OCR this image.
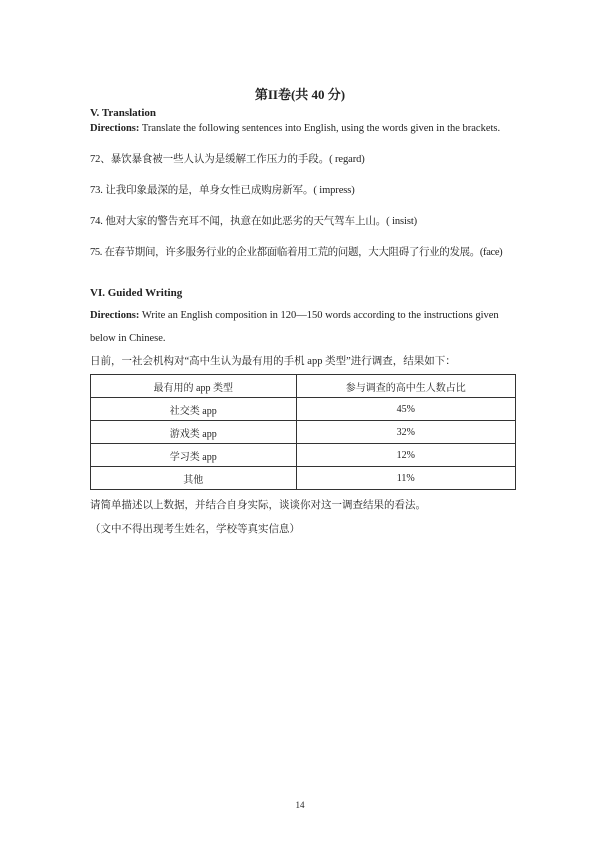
第II卷(共 40 分)
V. Translation
Directions: Translate the following sentences into English, using the words given in the brackets.
72、暴饮暴食被一些人认为是缓解工作压力的手段。( regard)
73. 让我印象最深的是，单身女性已成购房新军。( impress)
74. 他对大家的警告充耳不闻，执意在如此恶劣的天气驾车上山。( insist)
75. 在春节期间，许多服务行业的企业都面临着用工荒的问题，大大阻碍了行业的发展。(face)
VI. Guided Writing
Directions: Write an English composition in 120—150 words according to the instructions given
below in Chinese.
日前，一社会机构对“高中生认为最有用的手机 app 类型”进行调查，结果如下：
最有用的 app 类型	参与调查的高中生人数占比
社交类 app	45%
游戏类 app	32%
学习类 app	12%
其他	11%
请简单描述以上数据，并结合自身实际，谈谈你对这一调查结果的看法。
（文中不得出现考生姓名，学校等真实信息）
14
